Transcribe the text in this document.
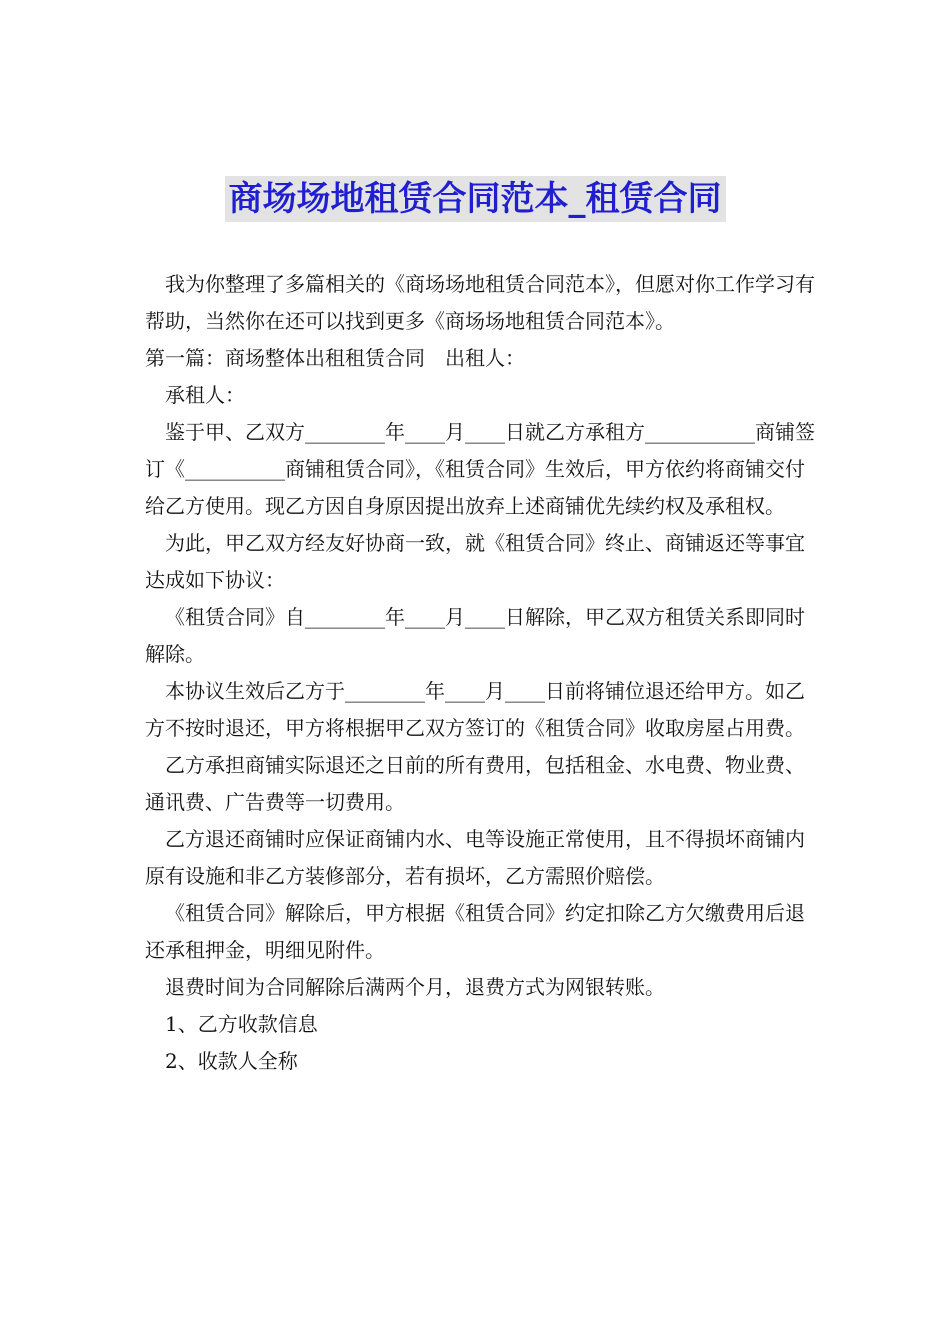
商场场地租赁合同范本_租赁合同

我为你整理了多篇相关的《商场场地租赁合同范本》，但愿对你工作学习有帮助，当然你在还可以找到更多《商场场地租赁合同范本》。

第一篇：商场整体出租租赁合同　出租人：

承租人：

鉴于甲、乙双方________年____月____日就乙方承租方___________商铺签订《__________商铺租赁合同》，《租赁合同》生效后，甲方依约将商铺交付给乙方使用。现乙方因自身原因提出放弃上述商铺优先续约权及承租权。

为此，甲乙双方经友好协商一致，就《租赁合同》终止、商铺返还等事宜达成如下协议：

《租赁合同》自________年____月____日解除，甲乙双方租赁关系即同时解除。

本协议生效后乙方于________年____月____日前将铺位退还给甲方。如乙方不按时退还，甲方将根据甲乙双方签订的《租赁合同》收取房屋占用费。

乙方承担商铺实际退还之日前的所有费用，包括租金、水电费、物业费、通讯费、广告费等一切费用。

乙方退还商铺时应保证商铺内水、电等设施正常使用，且不得损坏商铺内原有设施和非乙方装修部分，若有损坏，乙方需照价赔偿。

《租赁合同》解除后，甲方根据《租赁合同》约定扣除乙方欠缴费用后退还承租押金，明细见附件。

退费时间为合同解除后满两个月，退费方式为网银转账。

1、乙方收款信息

2、收款人全称
